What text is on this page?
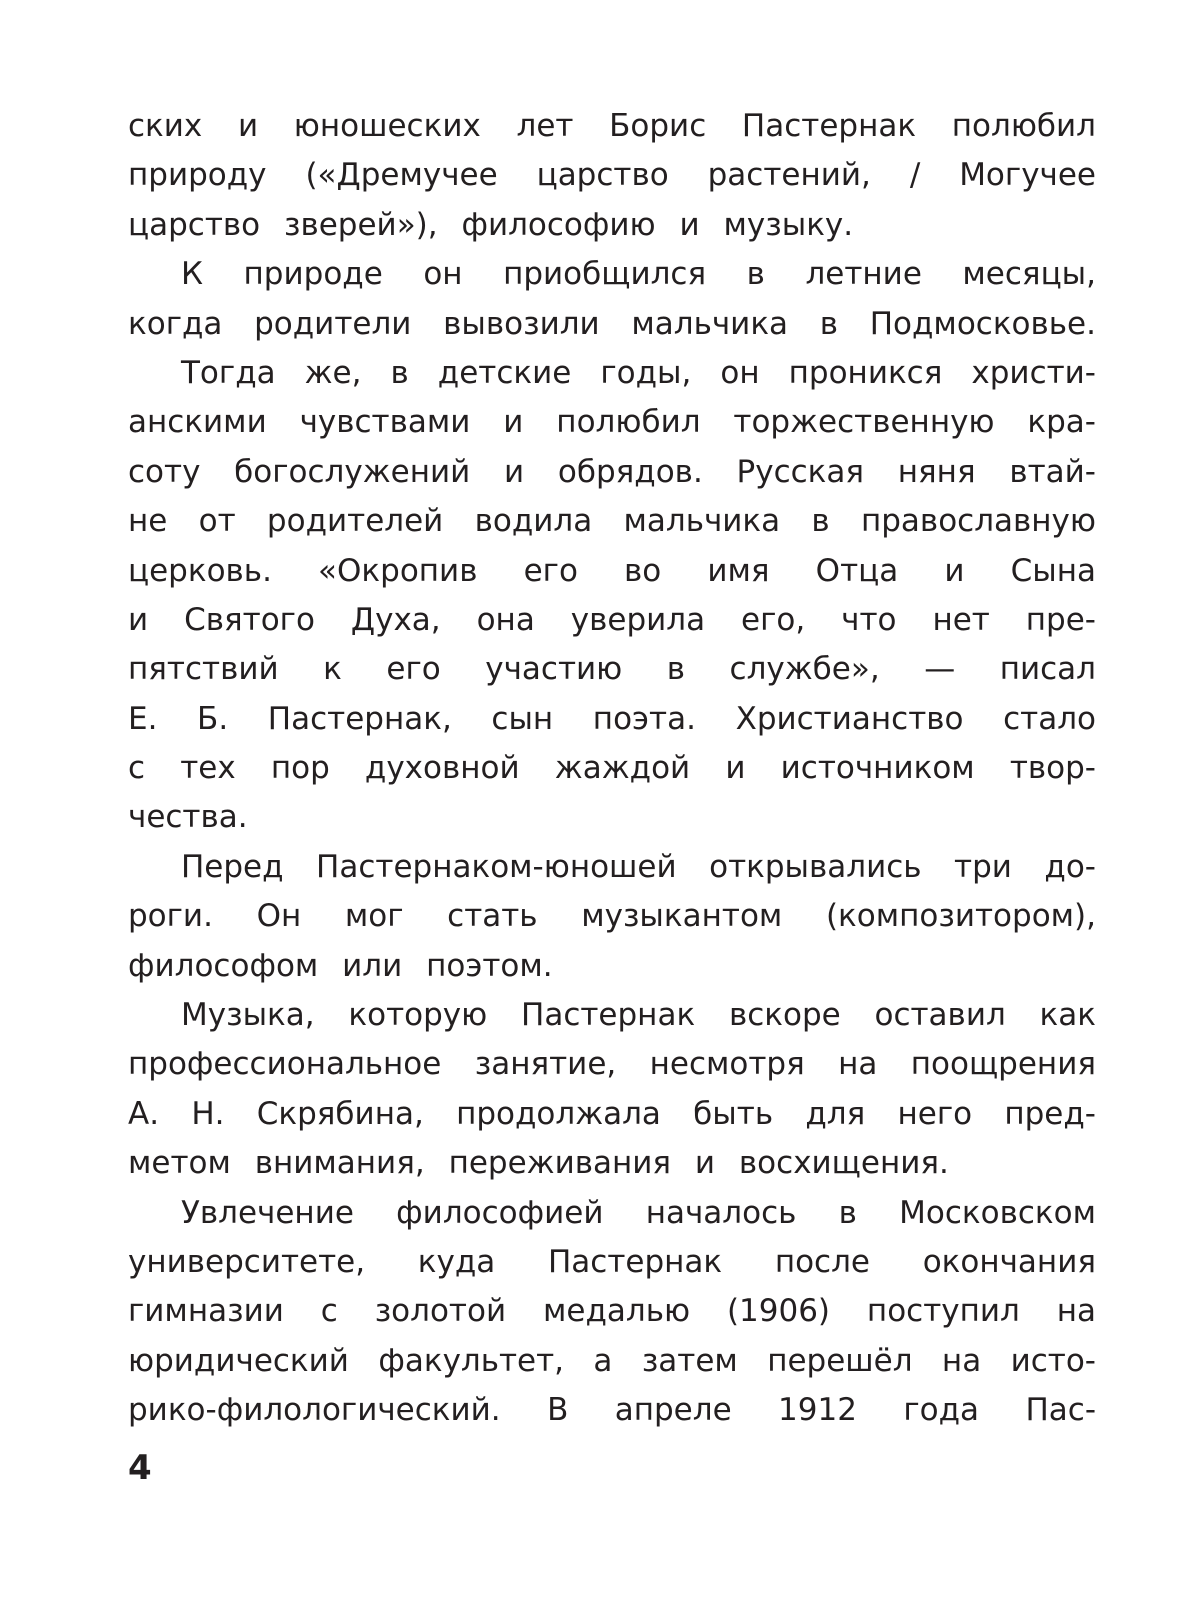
ских и юношеских лет Борис Пастернак полюбил
природу («Дремучее царство растений, / Могучее
царство зверей»), философию и музыку.
К природе он приобщился в летние месяцы,
когда родители вывозили мальчика в Подмосковье.
Тогда же, в детские годы, он проникся христи-
анскими чувствами и полюбил торжественную кра-
соту богослужений и обрядов. Русская няня втай-
не от родителей водила мальчика в православную
церковь. «Окропив его во имя Отца и Сына
и Святого Духа, она уверила его, что нет пре-
пятствий к его участию в службе», — писал
Е. Б. Пастернак, сын поэта. Христианство стало
с тех пор духовной жаждой и источником твор-
чества.
Перед Пастернаком-юношей открывались три до-
роги. Он мог стать музыкантом (композитором),
философом или поэтом.
Музыка, которую Пастернак вскоре оставил как
профессиональное занятие, несмотря на поощрения
А. Н. Скрябина, продолжала быть для него пред-
метом внимания, переживания и восхищения.
Увлечение философией началось в Московском
университете, куда Пастернак после окончания
гимназии с золотой медалью (1906) поступил на
юридический факультет, а затем перешёл на исто-
рико-филологический. В апреле 1912 года Пас-
4
